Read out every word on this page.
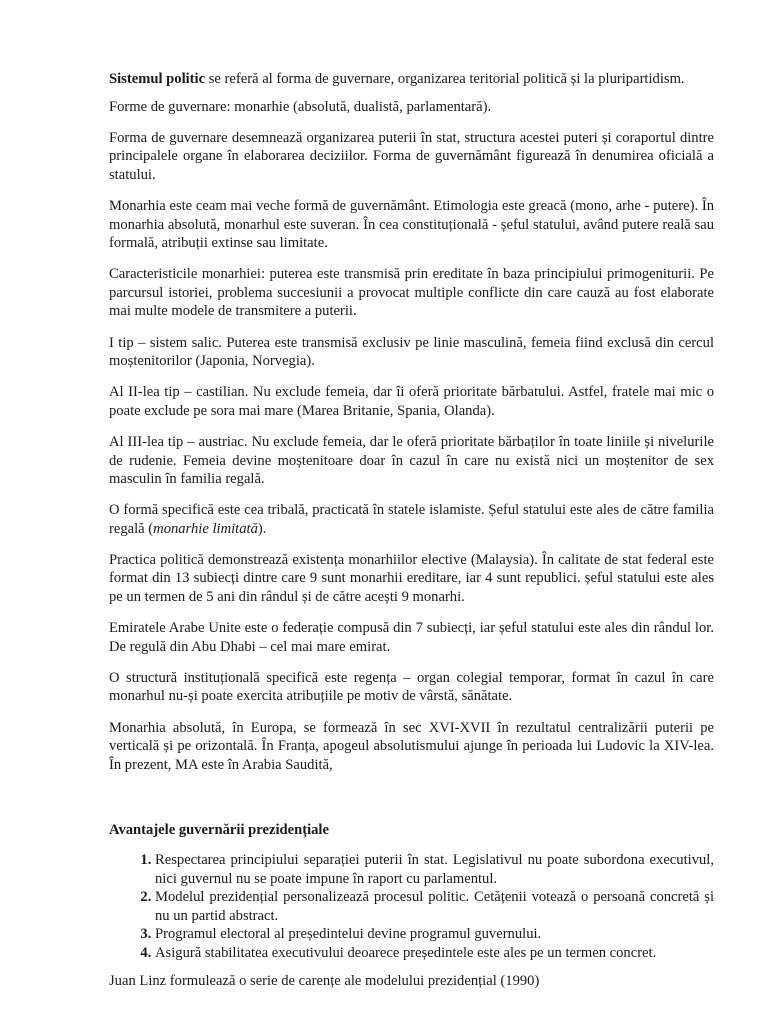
Sistemul politic se referă al forma de guvernare, organizarea teritorial politică și la pluripartidism.

Forme de guvernare: monarhie (absolută, dualistă, parlamentară).

Forma de guvernare desemnează organizarea puterii în stat, structura acestei puteri și coraportul dintre principalele organe în elaborarea deciziilor. Forma de guvernământ figurează în denumirea oficială a statului.

Monarhia este ceam mai veche formă de guvernământ. Etimologia este greacă (mono, arhe - putere). În monarhia absolută, monarhul este suveran. În cea constituțională - șeful statului, având putere reală sau formală, atribuții extinse sau limitate.

Caracteristicile monarhiei: puterea este transmisă prin ereditate în baza principiului primogeniturii. Pe parcursul istoriei, problema succesiunii a provocat multiple conflicte din care cauză au fost elaborate mai multe modele de transmitere a puterii.

I tip – sistem salic. Puterea este transmisă exclusiv pe linie masculină, femeia fiind exclusă din cercul moștenitorilor (Japonia, Norvegia).

Al II-lea tip – castilian. Nu exclude femeia, dar îi oferă prioritate bărbatului. Astfel, fratele mai mic o poate exclude pe sora mai mare (Marea Britanie, Spania, Olanda).

Al III-lea tip – austriac. Nu exclude femeia, dar le oferă prioritate bărbaților în toate liniile și nivelurile de rudenie. Femeia devine moștenitoare doar în cazul în care nu există nici un moștenitor de sex masculin în familia regală.

O formă specifică este cea tribală, practicată în statele islamiste. Șeful statului este ales de către familia regală (monarhie limitată).

Practica politică demonstrează existența monarhiilor elective (Malaysia). În calitate de stat federal este format din 13 subiecți dintre care 9 sunt monarhii ereditare, iar 4 sunt republici. șeful statului este ales pe un termen de 5 ani din rândul și de către acești 9 monarhi.

Emiratele Arabe Unite este o federație compusă din 7 subiecți, iar șeful statului este ales din rândul lor. De regulă din Abu Dhabi – cel mai mare emirat.

O structură instituțională specifică este regența – organ colegial temporar, format în cazul în care monarhul nu-și poate exercita atribuțiile pe motiv de vârstă, sănătate.

Monarhia absolută, în Europa, se formează în sec XVI-XVII în rezultatul centralizării puterii pe verticală și pe orizontală. În Franța, apogeul absolutismului ajunge în perioada lui Ludovic la XIV-lea. În prezent, MA este în Arabia Saudită,

Avantajele guvernării prezidențiale
1. Respectarea principiului separației puterii în stat. Legislativul nu poate subordona executivul, nici guvernul nu se poate impune în raport cu parlamentul.
2. Modelul prezidențial personalizează procesul politic. Cetățenii votează o persoană concretă și nu un partid abstract.
3. Programul electoral al președintelui devine programul guvernului.
4. Asigură stabilitatea executivului deoarece președintele este ales pe un termen concret.

Juan Linz formulează o serie de carențe ale modelului prezidențial (1990)
